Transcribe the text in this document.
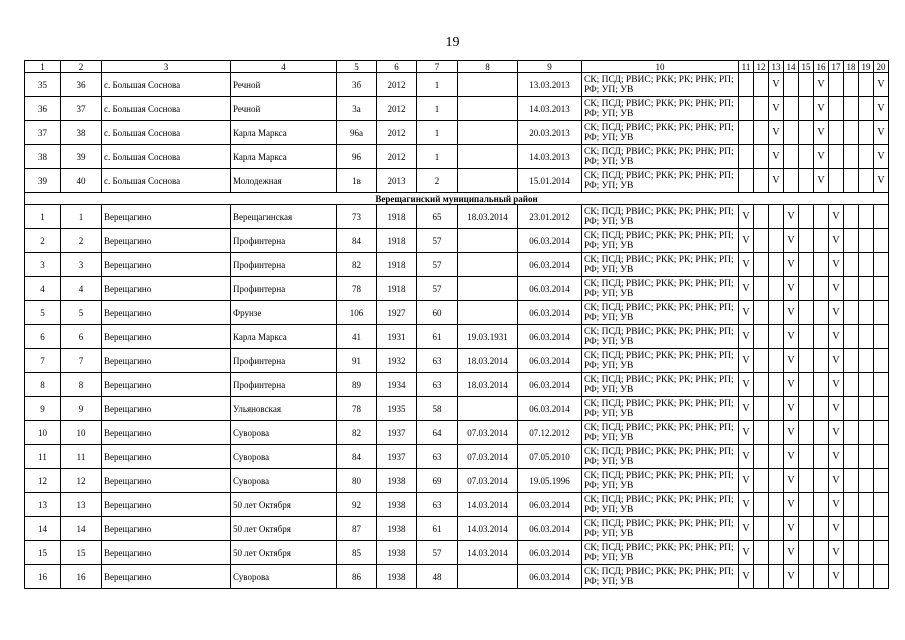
19
1	2	3	4	5	6	7	8	9	10	11	12	13	14	15	16	17	18	19	20
35	36	с. Большая Соснова	Речной	3б	2012	1		13.03.2013	СК; ПСД; РВИС; РКК; РК; РНК; РП; РФ; УП; УВ			V			V				V
36	37	с. Большая Соснова	Речной	3а	2012	1		14.03.2013	СК; ПСД; РВИС; РКК; РК; РНК; РП; РФ; УП; УВ			V			V				V
37	38	с. Большая Соснова	Карла Маркса	96а	2012	1		20.03.2013	СК; ПСД; РВИС; РКК; РК; РНК; РП; РФ; УП; УВ			V			V				V
38	39	с. Большая Соснова	Карла Маркса	96	2012	1		14.03.2013	СК; ПСД; РВИС; РКК; РК; РНК; РП; РФ; УП; УВ			V			V				V
39	40	с. Большая Соснова	Молодежная	1в	2013	2		15.01.2014	СК; ПСД; РВИС; РКК; РК; РНК; РП; РФ; УП; УВ			V			V				V
Верещагинский муниципальный район																			
1	1	Верещагино	Верещагинская	73	1918	65	18.03.2014	23.01.2012	СК; ПСД; РВИС; РКК; РК; РНК; РП; РФ; УП; УВ	V			V			V			
2	2	Верещагино	Профинтерна	84	1918	57		06.03.2014	СК; ПСД; РВИС; РКК; РК; РНК; РП; РФ; УП; УВ	V			V			V			
3	3	Верещагино	Профинтерна	82	1918	57		06.03.2014	СК; ПСД; РВИС; РКК; РК; РНК; РП; РФ; УП; УВ	V			V			V			
4	4	Верещагино	Профинтерна	78	1918	57		06.03.2014	СК; ПСД; РВИС; РКК; РК; РНК; РП; РФ; УП; УВ	V			V			V			
5	5	Верещагино	Фрунзе	106	1927	60		06.03.2014	СК; ПСД; РВИС; РКК; РК; РНК; РП; РФ; УП; УВ	V			V			V			
6	6	Верещагино	Карла Маркса	41	1931	61	19.03.1931	06.03.2014	СК; ПСД; РВИС; РКК; РК; РНК; РП; РФ; УП; УВ	V			V			V			
7	7	Верещагино	Профинтерна	91	1932	63	18.03.2014	06.03.2014	СК; ПСД; РВИС; РКК; РК; РНК; РП; РФ; УП; УВ	V			V			V			
8	8	Верещагино	Профинтерна	89	1934	63	18.03.2014	06.03.2014	СК; ПСД; РВИС; РКК; РК; РНК; РП; РФ; УП; УВ	V			V			V			
9	9	Верещагино	Ульяновская	78	1935	58		06.03.2014	СК; ПСД; РВИС; РКК; РК; РНК; РП; РФ; УП; УВ	V			V			V			
10	10	Верещагино	Суворова	82	1937	64	07.03.2014	07.12.2012	СК; ПСД; РВИС; РКК; РК; РНК; РП; РФ; УП; УВ	V			V			V			
11	11	Верещагино	Суворова	84	1937	63	07.03.2014	07.05.2010	СК; ПСД; РВИС; РКК; РК; РНК; РП; РФ; УП; УВ	V			V			V			
12	12	Верещагино	Суворова	80	1938	69	07.03.2014	19.05.1996	СК; ПСД; РВИС; РКК; РК; РНК; РП; РФ; УП; УВ	V			V			V			
13	13	Верещагино	50 лет Октября	92	1938	63	14.03.2014	06.03.2014	СК; ПСД; РВИС; РКК; РК; РНК; РП; РФ; УП; УВ	V			V			V			
14	14	Верещагино	50 лет Октября	87	1938	61	14.03.2014	06.03.2014	СК; ПСД; РВИС; РКК; РК; РНК; РП; РФ; УП; УВ	V			V			V			
15	15	Верещагино	50 лет Октября	85	1938	57	14.03.2014	06.03.2014	СК; ПСД; РВИС; РКК; РК; РНК; РП; РФ; УП; УВ	V			V			V			
16	16	Верещагино	Суворова	86	1938	48		06.03.2014	СК; ПСД; РВИС; РКК; РК; РНК; РП; РФ; УП; УВ	V			V			V			
